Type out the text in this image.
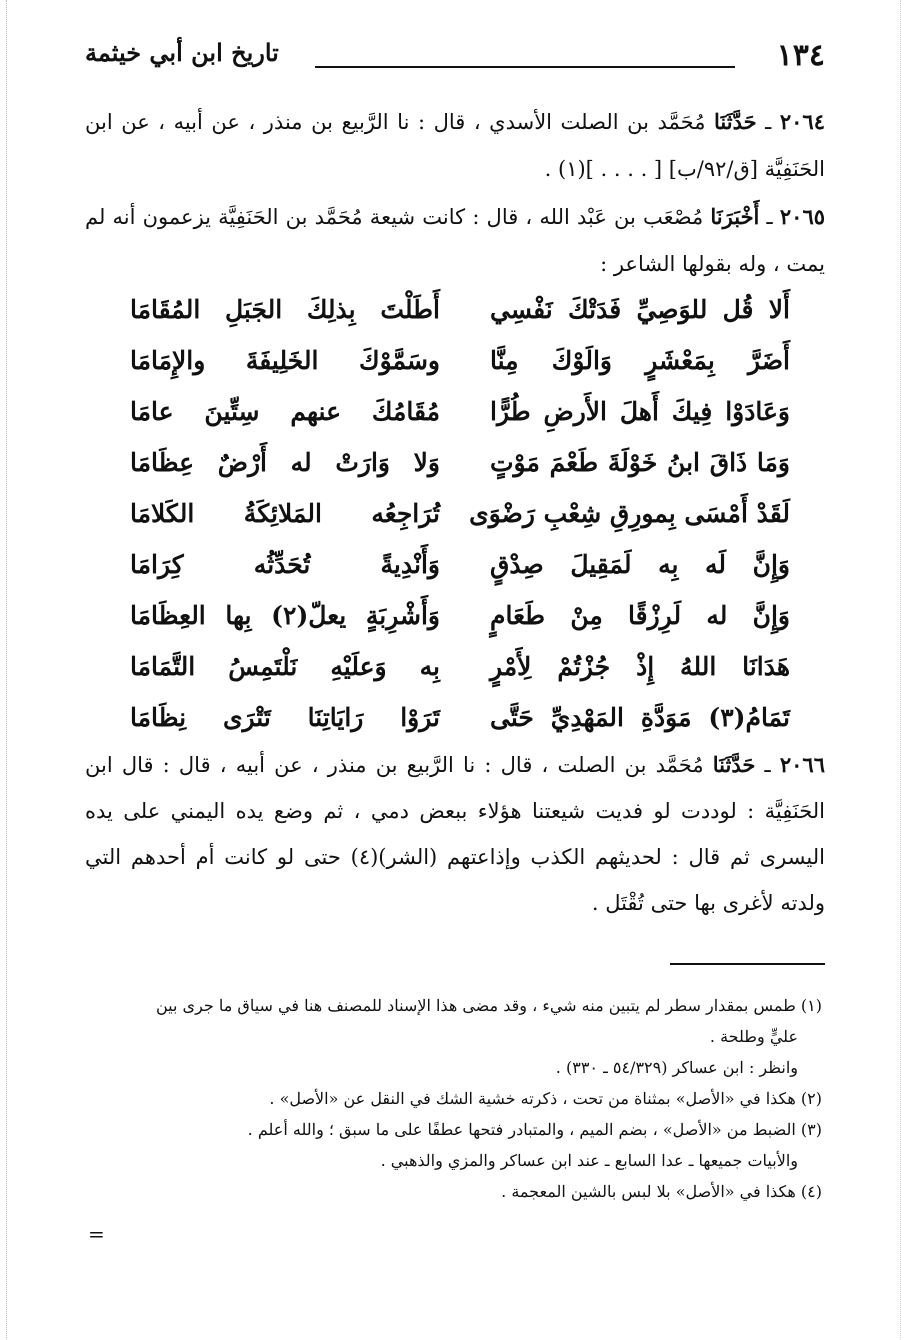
١٣٤
تاريخ ابن أبي خيثمة

٢٠٦٤ ـ حَدَّثَنَا مُحَمَّد بن الصلت الأسدي ، قال : نا الرَّبيع بن منذر ، عن أبيه ، عن ابن الحَنَفِيَّة [ق/٩٢/ب] [ . . . . ](١) .

٢٠٦٥ ـ أَخْبَرَنَا مُصْعَب بن عَبْد الله ، قال : كانت شيعة مُحَمَّد بن الحَنَفِيَّة يزعمون أنه لم يمت ، وله بقولها الشاعر :

أَلا قُل للوَصِيِّ فَدَتْكَ نَفْسِي
أَطَلْتَ بِذلِكَ الجَبَلِ المُقَامَا
أَضَرَّ بِمَعْشَرٍ وَالَوْكَ مِنَّا
وسَمَّوْكَ الخَلِيفَةَ والإِمَامَا
وَعَادَوْا فِيكَ أَهلَ الأَرضِ طُرًّا
مُقَامُكَ عنهم سِتِّينَ عامَا
وَمَا ذَاقَ ابنُ خَوْلَةَ طَعْمَ مَوْتٍ
وَلا وَارَتْ له أَرْضٌ عِظَامَا
لَقَدْ أَمْسَى بِمورِقِ شِعْبِ رَضْوَى
تُرَاجِعُه المَلائِكَةُ الكَلامَا
وَإِنَّ لَه بِه لَمَقِيلَ صِدْقٍ
وَأَنْدِيةً تُحَدِّثُه كِرَامَا
وَإِنَّ له لَرِزْقًا مِنْ طَعَامٍ
وَأَشْرِبَةٍ يعلّ(٢) بِها العِظَامَا
هَدَانَا اللهُ إِذْ جُزْتُمْ لِأَمْرٍ
بِه وَعلَيْهِ نَلْتَمِسُ التَّمَامَا
تَمَامُ(٣) مَوَدَّةِ المَهْدِيِّ حَتَّى
تَرَوْا رَايَاتِنَا تَتْرَى نِظَامَا

٢٠٦٦ ـ حَدَّثَنَا مُحَمَّد بن الصلت ، قال : نا الرَّبيع بن منذر ، عن أبيه ، قال : قال ابن الحَنَفِيَّة : لوددت لو فديت شيعتنا هؤلاء ببعض دمي ، ثم وضع يده اليمني على يده اليسرى ثم قال : لحديثهم الكذب وإذاعتهم (الشر)(٤) حتى لو كانت أم أحدهم التي ولدته لأغرى بها حتى تُقْتَل .

(١) طمس بمقدار سطر لم يتبين منه شيء ، وقد مضى هذا الإسناد للمصنف هنا في سياق ما جرى بين

عليٍّ وطلحة .

وانظر : ابن عساكر (٥٤/٣٢٩ ـ ٣٣٠) .

(٢) هكذا في «الأصل» بمثناة من تحت ، ذكرته خشية الشك في النقل عن «الأصل» .

(٣) الضبط من «الأصل» ، بضم الميم ، والمتبادر فتحها عطفًا على ما سبق ؛ والله أعلم .

والأبيات جميعها ـ عدا السابع ـ عند ابن عساكر والمزي والذهبي .

(٤) هكذا في «الأصل» بلا لبس بالشين المعجمة .

=
